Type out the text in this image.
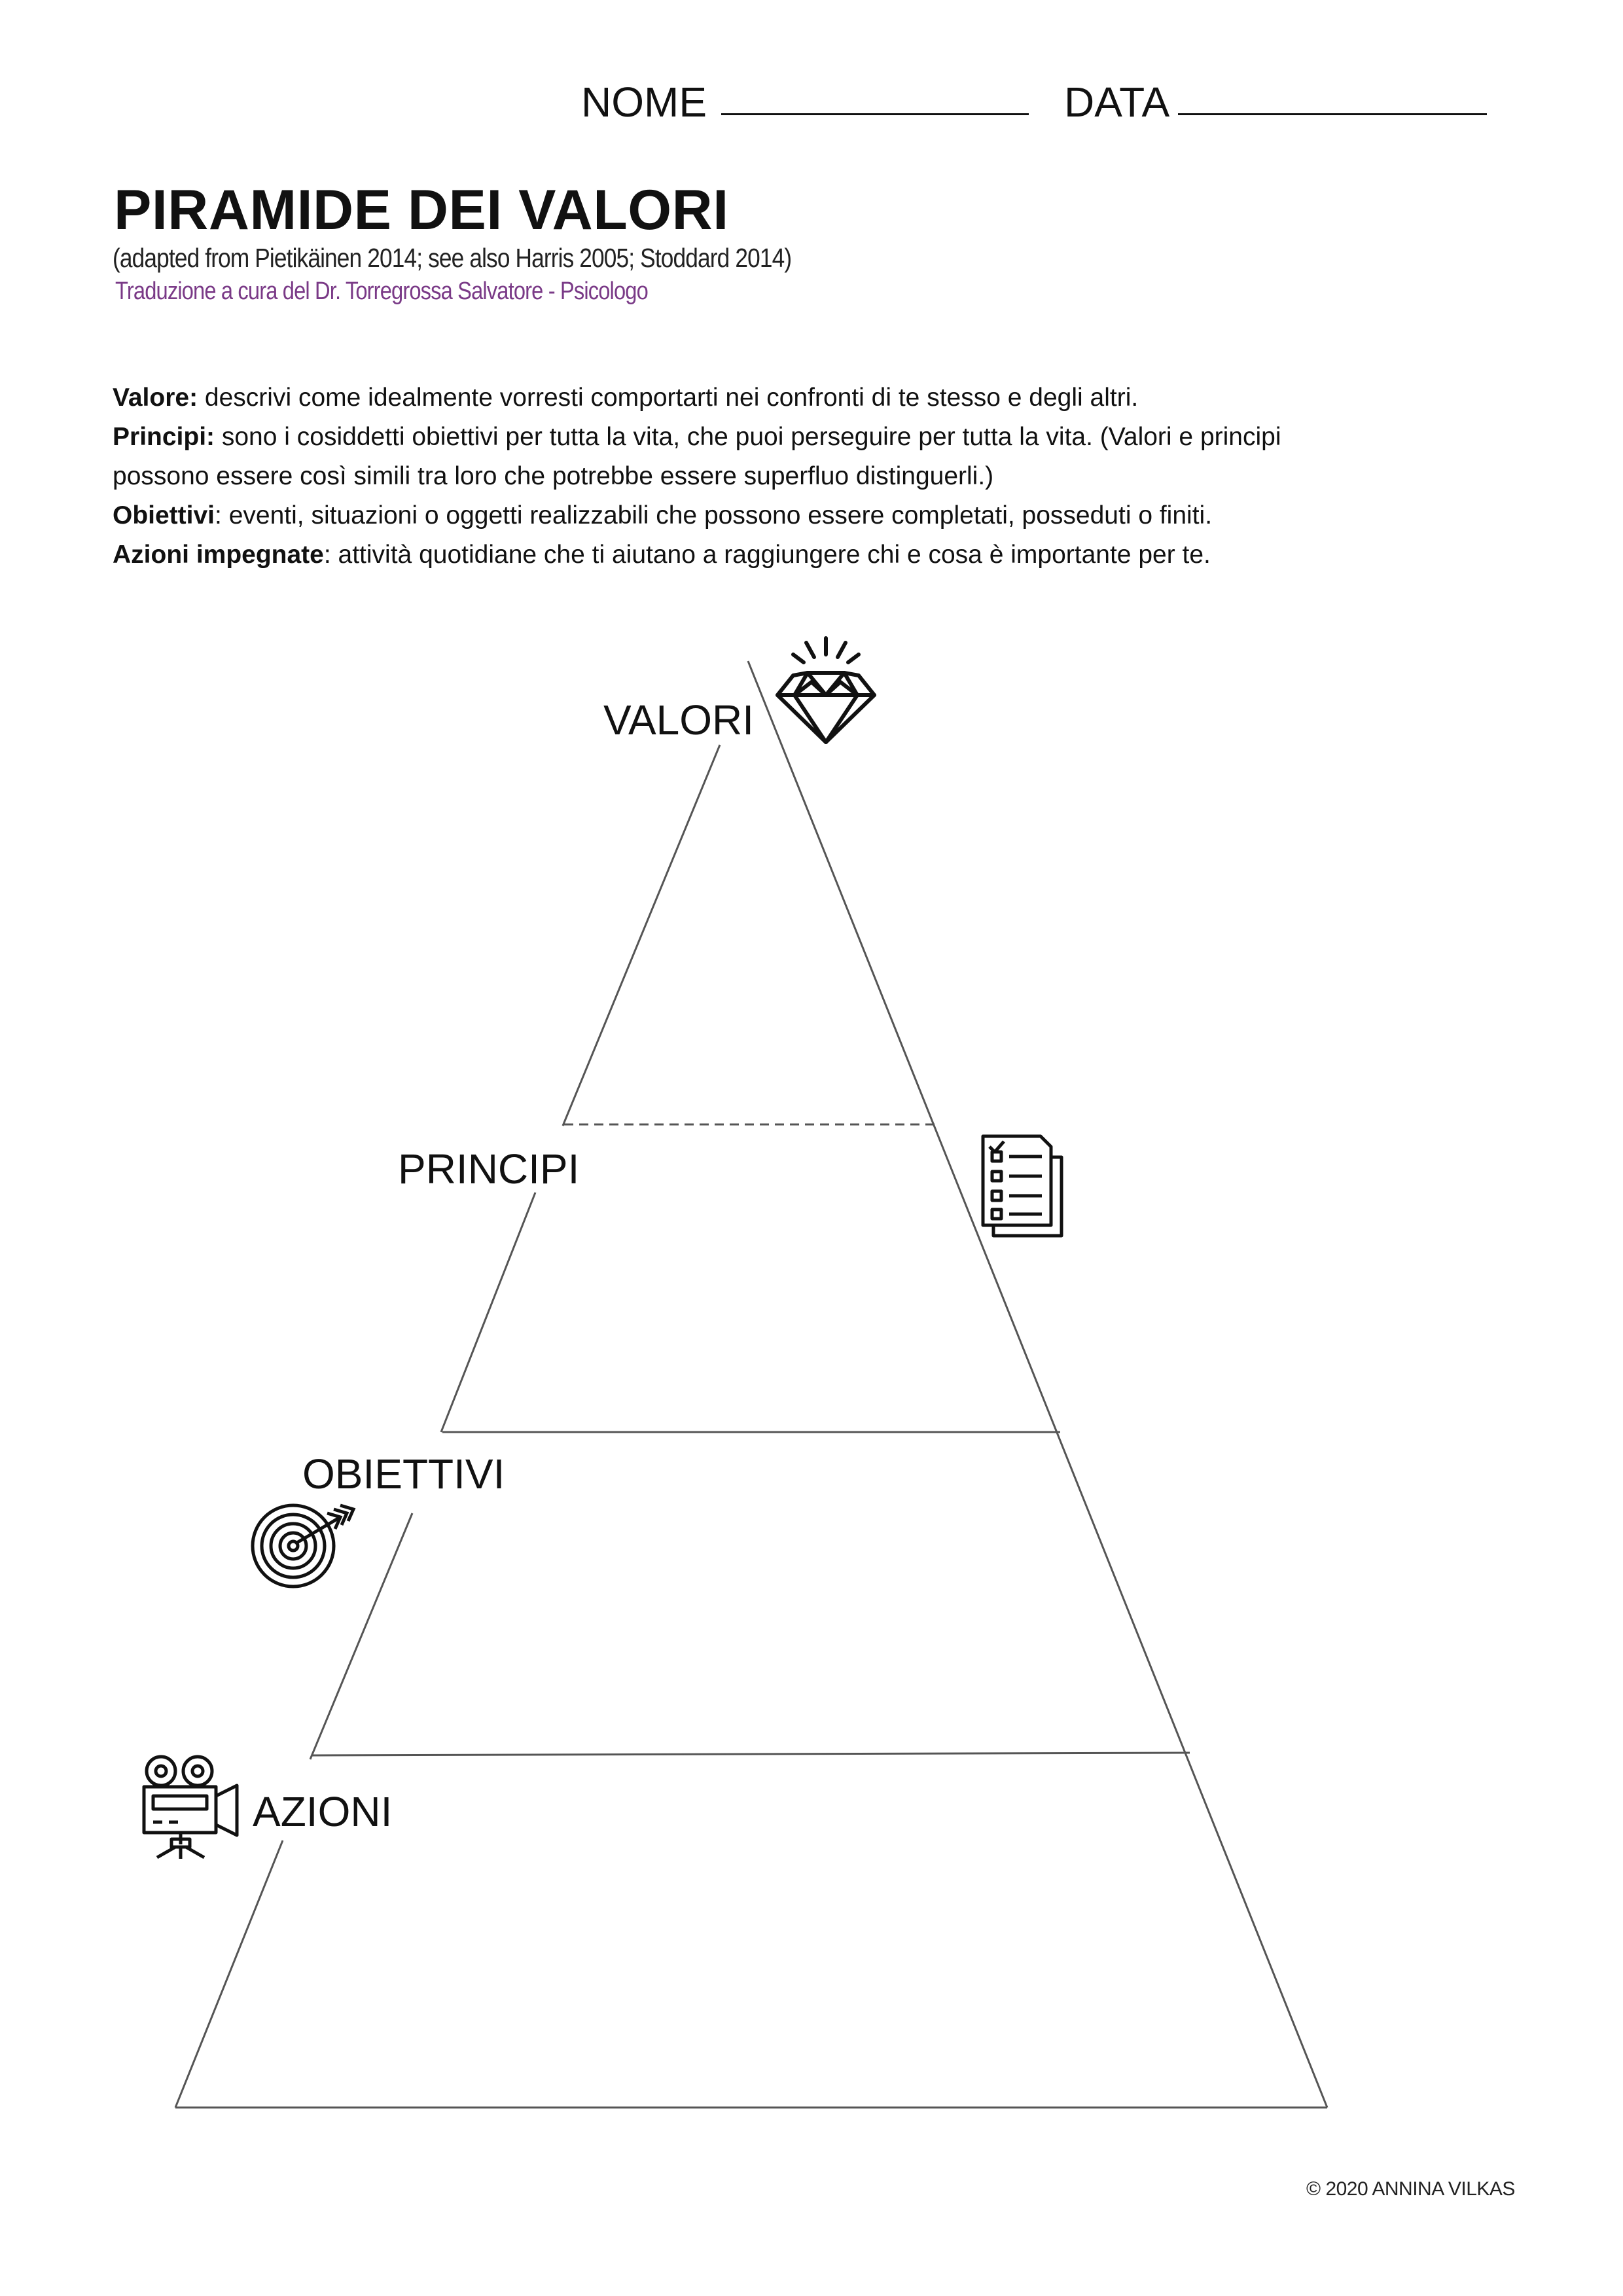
NOME	DATA
PIRAMIDE DEI VALORI
(adapted from Pietikäinen 2014; see also Harris 2005; Stoddard 2014)
Traduzione a cura del Dr. Torregrossa Salvatore - Psicologo

Valore: descrivi come idealmente vorresti comportarti nei confronti di te stesso e degli altri.

Principi: sono i cosiddetti obiettivi per tutta la vita, che puoi perseguire per tutta la vita. (Valori e principi

possono essere così simili tra loro che potrebbe essere superfluo distinguerli.)

Obiettivi: eventi, situazioni o oggetti realizzabili che possono essere completati, posseduti o finiti.

Azioni impegnate: attività quotidiane che ti aiutano a raggiungere chi e cosa è importante per te.

VALORI
PRINCIPI
OBIETTIVI
AZIONI
© 2020 ANNINA VILKAS
